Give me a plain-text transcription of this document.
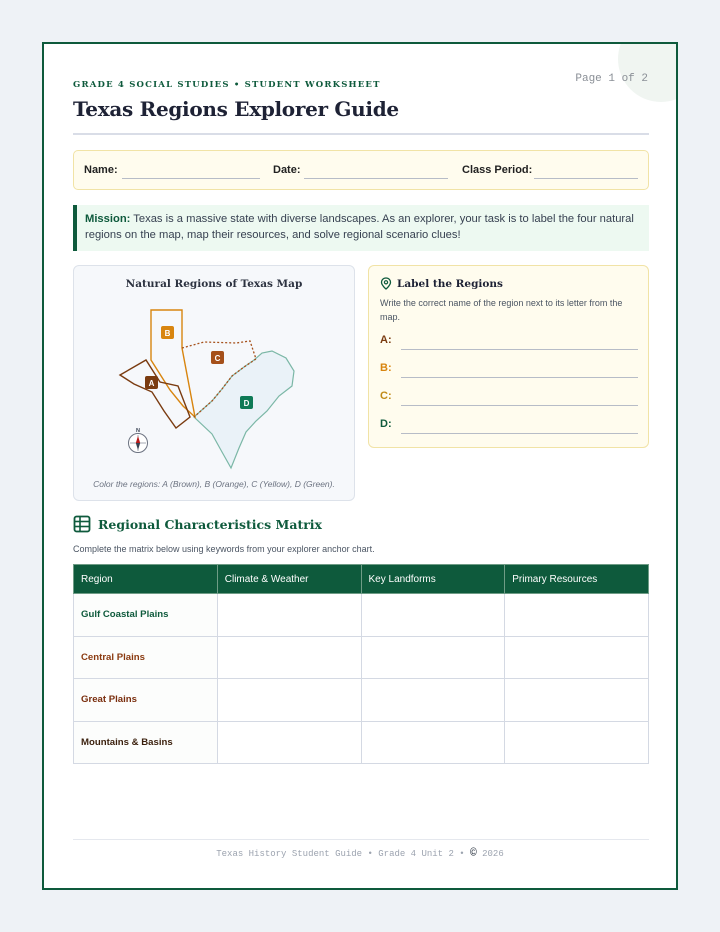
Page 1 of 2
GRADE 4 SOCIAL STUDIES • STUDENT WORKSHEET
Texas Regions Explorer Guide
Name:	Date:	Class Period:
Mission: Texas is a massive state with diverse landscapes. As an explorer, your task is to label the four natural regions on the map, map their resources, and solve regional scenario clues!
Natural Regions of Texas Map
B
C
A
D
N
Color the regions: A (Brown), B (Orange), C (Yellow), D (Green).
Label the Regions
Write the correct name of the region next to its letter from the map.
A:
B:
C:
D:
Regional Characteristics Matrix
Complete the matrix below using keywords from your explorer anchor chart.
Region	Climate & Weather	Key Landforms	Primary Resources
Gulf Coastal Plains			
Central Plains			
Great Plains			
Mountains & Basins			
Texas History Student Guide • Grade 4 Unit 2 • © 2026
